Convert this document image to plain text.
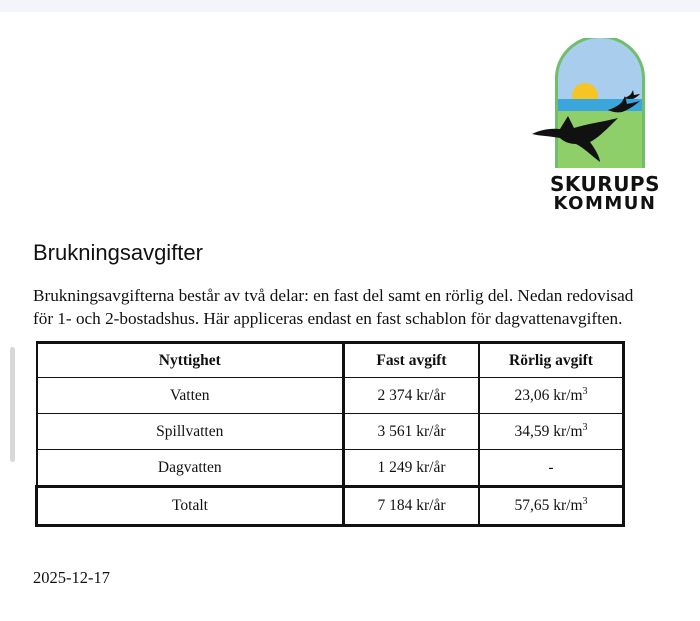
SKURUPS
KOMMUN
Brukningsavgifter

Brukningsavgifterna består av två delar: en fast del samt en rörlig del. Nedan redovisad
för 1- och 2-bostadshus. Här appliceras endast en fast schablon för dagvattenavgiften.

Nyttighet	Fast avgift	Rörlig avgift
Vatten	2 374 kr/år	23,06 $kr/m^3$
Spillvatten	3 561 kr/år	34,59 $kr/m^3$
Dagvatten	1 249 kr/år	-
Totalt	7 184 kr/år	57,65 $kr/m^3$
2025-12-17
